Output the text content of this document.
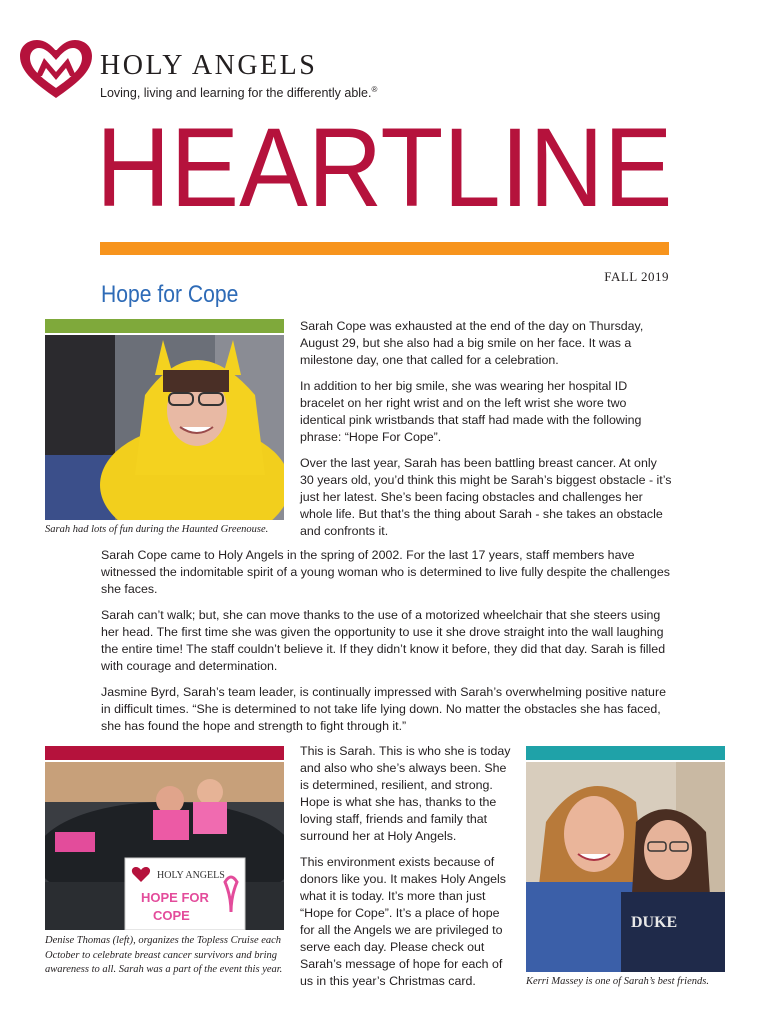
HOLY ANGELS
Loving, living and learning for the differently able.®
HEARTLINE
FALL 2019
Hope for Cope
Sarah had lots of fun during the Haunted Greenouse.

Sarah Cope was exhausted at the end of the day on Thursday, August 29, but she also had a big smile on her face. It was a milestone day, one that called for a celebration.

In addition to her big smile, she was wearing her hospital ID bracelet on her right wrist and on the left wrist she wore two identical pink wristbands that staff had made with the following phrase: “Hope For Cope”.

Over the last year, Sarah has been battling breast cancer. At only 30 years old, you’d think this might be Sarah’s biggest obstacle - it’s just her latest. She’s been facing obstacles and challenges her whole life. But that’s the thing about Sarah - she takes an obstacle and confronts it.

Sarah Cope came to Holy Angels in the spring of 2002. For the last 17 years, staff members have witnessed the indomitable spirit of a young woman who is determined to live fully despite the challenges she faces.

Sarah can’t walk; but, she can move thanks to the use of a motorized wheelchair that she steers using her head. The first time she was given the opportunity to use it she drove straight into the wall laughing the entire time! The staff couldn’t believe it. If they didn’t know it before, they did that day. Sarah is filled with courage and determination.

Jasmine Byrd, Sarah’s team leader, is continually impressed with Sarah’s overwhelming positive nature in difficult times. “She is determined to not take life lying down. No matter the obstacles she has faced, she has found the hope and strength to fight through it.”

HOLY ANGELS
HOPE FOR
COPE
Denise Thomas (left), organizes the Topless Cruise each October to celebrate breast cancer survivors and bring awareness to all. Sarah was a part of the event this year.

This is Sarah. This is who she is today and also who she’s always been. She is determined, resilient, and strong. Hope is what she has, thanks to the loving staff, friends and family that surround her at Holy Angels.

This environment exists because of donors like you. It makes Holy Angels what it is today. It’s more than just “Hope for Cope”. It’s a place of hope for all the Angels we are privileged to serve each day. Please check out Sarah’s message of hope for each of us in this year’s Christmas card.

DUKE
Kerri Massey is one of Sarah’s best friends.
